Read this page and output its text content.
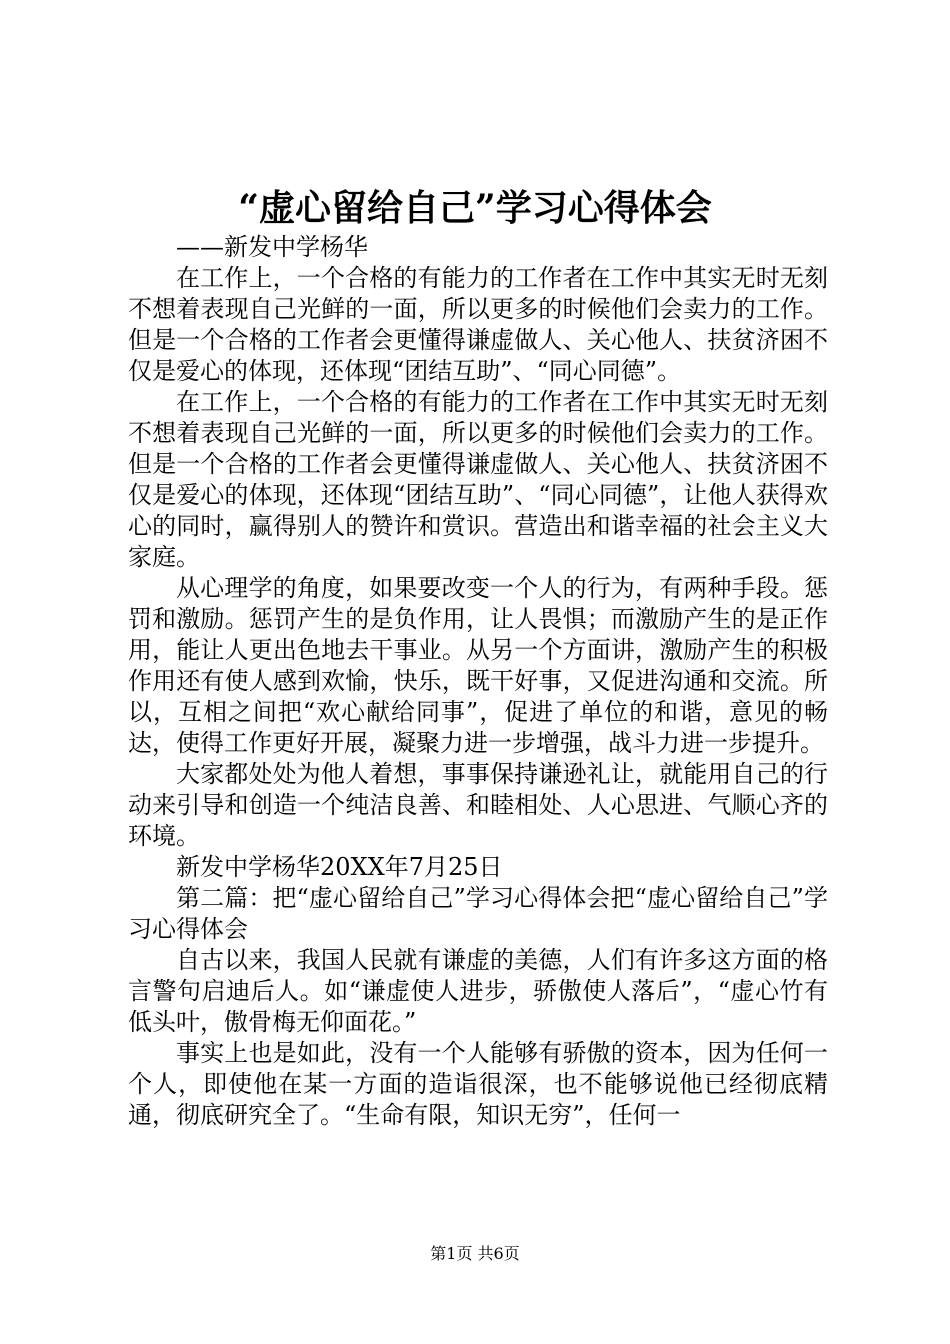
“虚心留给自己”学习心得体会

——新发中学杨华

在工作上，一个合格的有能力的工作者在工作中其实无时无刻不想着表现自己光鲜的一面，所以更多的时候他们会卖力的工作。但是一个合格的工作者会更懂得谦虚做人、关心他人、扶贫济困不仅是爱心的体现，还体现“团结互助”、“同心同德”。

在工作上，一个合格的有能力的工作者在工作中其实无时无刻不想着表现自己光鲜的一面，所以更多的时候他们会卖力的工作。但是一个合格的工作者会更懂得谦虚做人、关心他人、扶贫济困不仅是爱心的体现，还体现“团结互助”、“同心同德”，让他人获得欢心的同时，赢得别人的赞许和赏识。营造出和谐幸福的社会主义大家庭。

从心理学的角度，如果要改变一个人的行为，有两种手段。惩罚和激励。惩罚产生的是负作用，让人畏惧；而激励产生的是正作用，能让人更出色地去干事业。从另一个方面讲，激励产生的积极作用还有使人感到欢愉，快乐，既干好事，又促进沟通和交流。所以，互相之间把“欢心献给同事”，促进了单位的和谐，意见的畅达，使得工作更好开展，凝聚力进一步增强，战斗力进一步提升。

大家都处处为他人着想，事事保持谦逊礼让，就能用自己的行动来引导和创造一个纯洁良善、和睦相处、人心思进、气顺心齐的环境。

新发中学杨华20XX年7月25日

第二篇：把“虚心留给自己”学习心得体会把“虚心留给自己”学习心得体会

自古以来，我国人民就有谦虚的美德，人们有许多这方面的格言警句启迪后人。如“谦虚使人进步，骄傲使人落后”，“虚心竹有低头叶，傲骨梅无仰面花。”

事实上也是如此，没有一个人能够有骄傲的资本，因为任何一个人，即使他在某一方面的造诣很深，也不能够说他已经彻底精通，彻底研究全了。“生命有限，知识无穷”，任何一

第1页 共6页
